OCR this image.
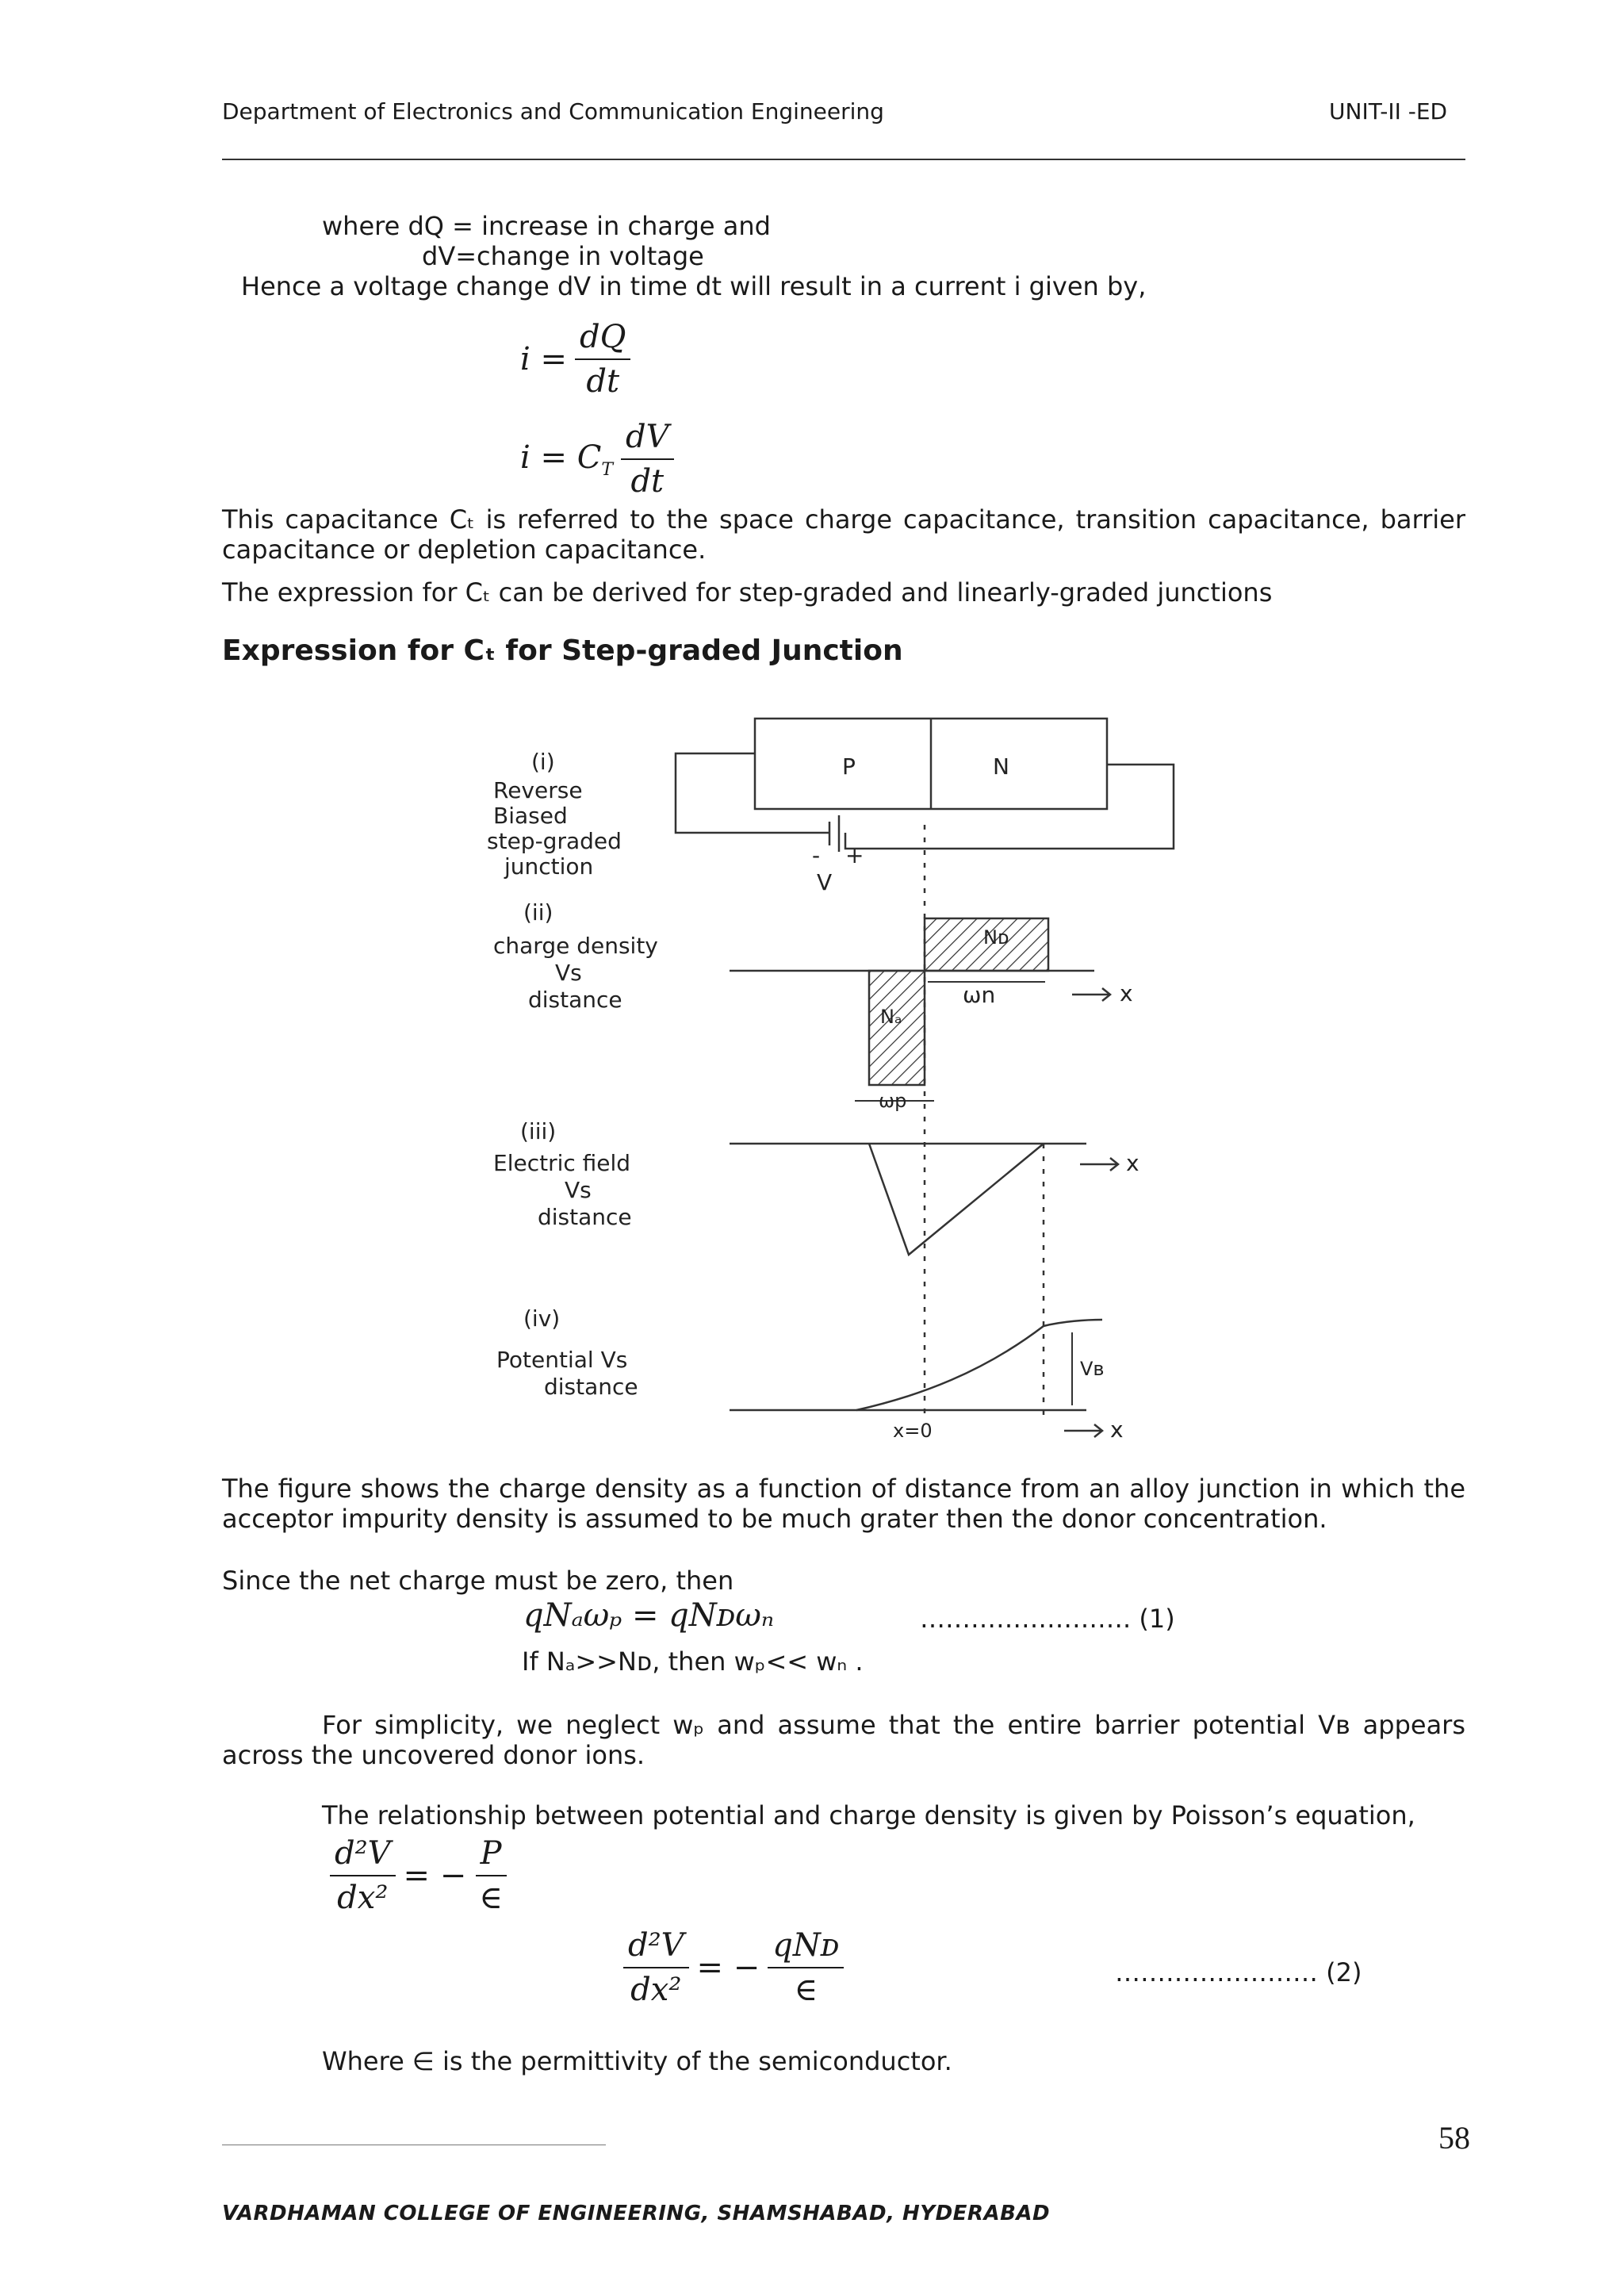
Department of Electronics and Communication Engineering	UNIT-II -ED
where dQ = increase in charge and
dV=change in voltage
Hence a voltage change dV in time dt will result in a current i given by,
$i = \frac{dQ}{dt}$
$i = C_T \frac{dV}{dt}$
This capacitance Cₜ is referred to the space charge capacitance, transition capacitance, barrier capacitance or depletion capacitance.
The expression for Cₜ can be derived for step-graded and linearly-graded junctions
Expression for Cₜ for Step-graded Junction
P	N
- +
V
(i)
Reverse
Biased
step-graded
junction
(ii)
charge density
Vs
distance
Nᴅ
Nₐ
ωn	x
ωp
(iii)
Electric field
Vs
distance
x
(iv)
Potential Vs
distance
Vʙ
x=0	x
The figure shows the charge density as a function of distance from an alloy junction in which the acceptor impurity density is assumed to be much grater then the donor concentration.
Since the net charge must be zero, then
qNₐωₚ = qNᴅωₙ	……………………. (1)
If Nₐ>>Nᴅ, then wₚ<< wₙ .
For simplicity, we neglect wₚ and assume that the entire barrier potential Vʙ appears across the uncovered donor ions.
The relationship between potential and charge density is given by Poisson’s equation,
$\frac{\text{d²V}}{\text{dx²}}$ = − $\frac{P}{\in}$
$\frac{\text{d²V}}{\text{dx²}}$ = − $\frac{\text{qNᴅ}}{\in}$	…………………… (2)
Where ∈ is the permittivity of the semiconductor.
58
VARDHAMAN COLLEGE OF ENGINEERING, SHAMSHABAD, HYDERABAD
